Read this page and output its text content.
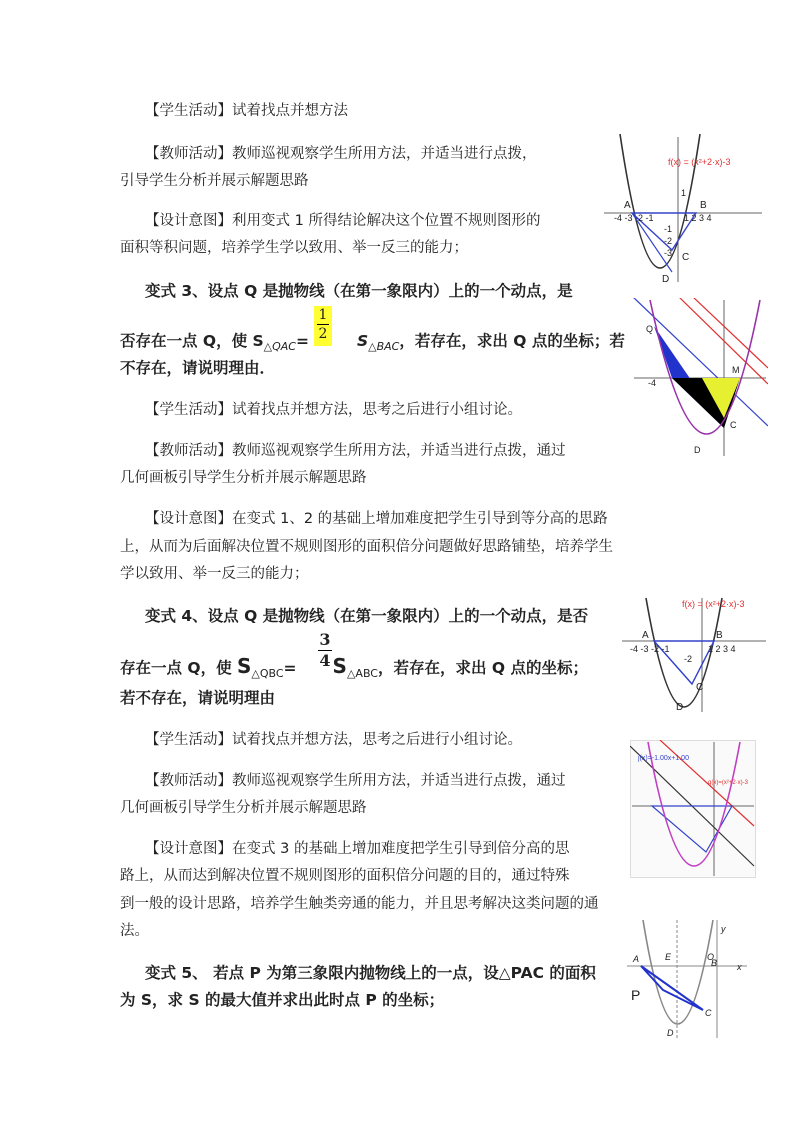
【学生活动】试着找点并想方法
【教师活动】教师巡视观察学生所用方法，并适当进行点拨，
引导学生分析并展示解题思路
【设计意图】利用变式 1 所得结论解决这个位置不规则图形的
面积等积问题，培养学生学以致用、举一反三的能力；
变式 3、设点 Q 是抛物线（在第一象限内）上的一个动点，是
否存在一点 Q，使 $S_{\triangle QAC}=$	$S_{\triangle BAC}$，若存在，求出 Q 点的坐标；若
1
2
不存在，请说明理由．
【学生活动】试着找点并想方法，思考之后进行小组讨论。
【教师活动】教师巡视观察学生所用方法，并适当进行点拨，通过
几何画板引导学生分析并展示解题思路
【设计意图】在变式 1、2 的基础上增加难度把学生引导到等分高的思路
上，从而为后面解决位置不规则图形的面积倍分问题做好思路铺垫，培养学生
学以致用、举一反三的能力；
变式 4、设点 Q 是抛物线（在第一象限内）上的一个动点，是否
存在一点 Q，使 $S_{\triangle QBC}= S_{\triangle ABC}$，若存在，求出 Q 点的坐标；
3
4
若不存在，请说明理由
【学生活动】试着找点并想方法，思考之后进行小组讨论。
【教师活动】教师巡视观察学生所用方法，并适当进行点拨，通过
几何画板引导学生分析并展示解题思路
【设计意图】在变式 3 的基础上增加难度把学生引导到倍分高的思
路上，从而达到解决位置不规则图形的面积倍分问题的目的，通过特殊
到一般的设计思路，培养学生触类旁通的能力，并且思考解决这类问题的通
法。
变式 5、 若点 P 为第三象限内抛物线上的一点，设△PAC 的面积
为 S，求 S 的最大值并求出此时点 P 的坐标；
f(x) = (x²+2·x)-3
A	B
C
D
-4 -3 -2 -1	1 2 3 4
1
-1
-2
-3
Q
C
D
M
-4
f(x) = (x²+2·x)-3
A	B
C
D
-4 -3 -2 -1	1 2 3 4
-2
j(x)=-1.00x+1.00
g(x)=(x²+2·x)-3
y
A	E	O
x
C
D
B
P
